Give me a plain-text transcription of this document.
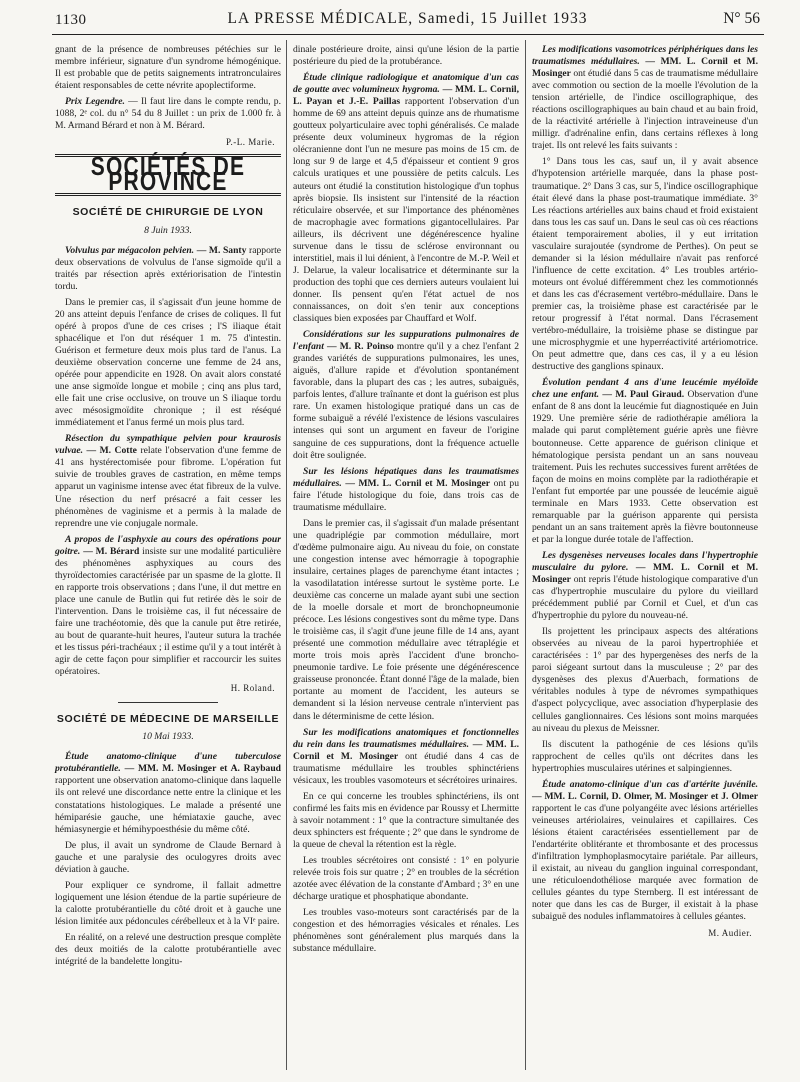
1130	LA PRESSE MÉDICALE, Samedi, 15 Juillet 1933	N° 56

gnant de la présence de nombreuses pétéchies sur le membre inférieur, signature d'un syndrome hémogénique. Il est probable que de petits saignements intratronculaires étaient responsables de cette névrite apoplectiforme.

Prix Legendre. — Il faut lire dans le compte rendu, p. 1088, 2ᵉ col. du n° 54 du 8 Juillet : un prix de 1.000 fr. à M. Armand Bérard et non à M. Bérard.

P.-L. Marie.

SOCIÉTÉS DE PROVINCE
SOCIÉTÉ DE CHIRURGIE DE LYON

8 Juin 1933.

Volvulus par mégacolon pelvien. — M. Santy rapporte deux observations de volvulus de l'anse sigmoïde qu'il a traités par résection après extériorisation de l'intestin tordu.

Dans le premier cas, il s'agissait d'un jeune homme de 20 ans atteint depuis l'enfance de crises de coliques. Il fut opéré à propos d'une de ces crises ; l'S iliaque était sphacélique et l'on dut réséquer 1 m. 75 d'intestin. Guérison et fermeture deux mois plus tard de l'anus. La deuxième observation concerne une femme de 24 ans, opérée pour appendicite en 1928. On avait alors constaté une anse sigmoïde longue et mobile ; cinq ans plus tard, elle fait une crise occlusive, on trouve un S iliaque tordu avec mésosigmoïdite chronique ; il est réséqué immédiatement et l'anus fermé un mois plus tard.

Résection du sympathique pelvien pour kraurosis vulvae. — M. Cotte relate l'observation d'une femme de 41 ans hystérectomisée pour fibrome. L'opération fut suivie de troubles graves de castration, en même temps apparut un vaginisme intense avec état fibreux de la vulve. Une résection du nerf présacré a fait cesser les phénomènes de vaginisme et a permis à la malade de reprendre une vie conjugale normale.

A propos de l'asphyxie au cours des opérations pour goitre. — M. Bérard insiste sur une modalité particulière des phénomènes asphyxiques au cours des thyroïdectomies caractérisée par un spasme de la glotte. Il en rapporte trois observations ; dans l'une, il dut mettre en place une canule de Butlin qui fut retirée dès le soir de l'intervention. Dans le troisième cas, il fut nécessaire de faire une trachéotomie, dès que la canule put être retirée, au bout de quarante-huit heures, l'auteur sutura la trachée et les tissus péri-trachéaux ; il estime qu'il y a tout intérêt à agir de cette façon pour simplifier et raccourcir les suites opératoires.

H. Roland.

SOCIÉTÉ DE MÉDECINE DE MARSEILLE

10 Mai 1933.

Étude anatomo-clinique d'une tuberculose protubérantielle. — MM. M. Mosinger et A. Raybaud rapportent une observation anatomo-clinique dans laquelle ils ont relevé une discordance nette entre la clinique et les constatations histologiques. Le malade a présenté une hémiparésie gauche, une hémiataxie gauche, avec hémiasynergie et hémihypoesthésie du même côté.

De plus, il avait un syndrome de Claude Bernard à gauche et une paralysie des oculogyres droits avec déviation à gauche.

Pour expliquer ce syndrome, il fallait admettre logiquement une lésion étendue de la partie supérieure de la calotte protubérantielle du côté droit et à gauche une lésion limitée aux pédoncules cérébelleux et à la VIᵉ paire.

En réalité, on a relevé une destruction presque complète des deux moitiés de la calotte protubérantielle avec intégrité de la bandelette longitu-

dinale postérieure droite, ainsi qu'une lésion de la partie postérieure du pied de la protubérance.

Étude clinique radiologique et anatomique d'un cas de goutte avec volumineux hygroma. — MM. L. Cornil, L. Payan et J.-E. Paillas rapportent l'observation d'un homme de 69 ans atteint depuis quinze ans de rhumatisme goutteux polyarticulaire avec tophi généralisés. Ce malade présente deux volumineux hygromas de la région olécranienne dont l'un ne mesure pas moins de 15 cm. de long sur 9 de large et 4,5 d'épaisseur et contient 9 gros calculs uratiques et une poussière de petits calculs. Les auteurs ont étudié la constitution histologique d'un tophus après biopsie. Ils insistent sur l'intensité de la réaction réticulaire observée, et sur l'importance des phénomènes de macrophagie avec formations gigantocellulaires. Par ailleurs, ils décrivent une dégénérescence hyaline survenue dans le tissu de sclérose environnant ou interstitiel, mais il lui dénient, à l'encontre de M.-P. Weil et J. Delarue, la valeur localisatrice et déterminante sur la production des tophi que ces derniers auteurs voulaient lui donner. Ils pensent qu'en l'état actuel de nos connaissances, on doit s'en tenir aux conceptions classiques bien exposées par Chauffard et Wolf.

Considérations sur les suppurations pulmonaires de l'enfant — M. R. Poinso montre qu'il y a chez l'enfant 2 grandes variétés de suppurations pulmonaires, les unes, aiguës, d'allure rapide et d'évolution spontanément favorable, dans la plupart des cas ; les autres, subaiguës, parfois lentes, d'allure traînante et dont la guérison est plus rare. Un examen histologique pratiqué dans un cas de forme subaiguë a révélé l'existence de lésions vasculaires intenses qui sont un argument en faveur de l'origine sanguine de ces suppurations, dont la fréquence actuelle doit être soulignée.

Sur les lésions hépatiques dans les traumatismes médullaires. — MM. L. Cornil et M. Mosinger ont pu faire l'étude histologique du foie, dans trois cas de traumatisme médullaire.

Dans le premier cas, il s'agissait d'un malade présentant une quadriplégie par commotion médullaire, mort d'œdème pulmonaire aigu. Au niveau du foie, on constate une congestion intense avec hémorragie à topographie insulaire, certaines plages de parenchyme étant intactes ; la vasodilatation intéresse surtout le système porte. Le deuxième cas concerne un malade ayant subi une section de la moelle dorsale et mort de bronchopneumonie précoce. Les lésions congestives sont du même type. Dans le troisième cas, il s'agit d'une jeune fille de 14 ans, ayant présenté une commotion médullaire avec tétraplégie et morte trois mois après l'accident d'une broncho-pneumonie tardive. Le foie présente une dégénérescence graisseuse prononcée. Étant donné l'âge de la malade, bien portante au moment de l'accident, les auteurs se demandent si la lésion nerveuse centrale n'intervient pas dans le déterminisme de cette lésion.

Sur les modifications anatomiques et fonctionnelles du rein dans les traumatismes médullaires. — MM. L. Cornil et M. Mosinger ont étudié dans 4 cas de traumatisme médullaire les troubles sphinctériens vésicaux, les troubles vasomoteurs et sécrétoires urinaires.

En ce qui concerne les troubles sphinctériens, ils ont confirmé les faits mis en évidence par Roussy et Lhermitte à savoir notamment : 1° que la contracture simultanée des deux sphincters est fréquente ; 2° que dans le syndrome de la queue de cheval la rétention est la règle.

Les troubles sécrétoires ont consisté : 1° en polyurie relevée trois fois sur quatre ; 2° en troubles de la sécrétion azotée avec élévation de la constante d'Ambard ; 3° en une décharge uratique et phosphatique abondante.

Les troubles vaso-moteurs sont caractérisés par de la congestion et des hémorragies vésicales et rénales. Les phénomènes sont généralement plus marqués dans la substance médullaire.

Les modifications vasomotrices périphériques dans les traumatismes médullaires. — MM. L. Cornil et M. Mosinger ont étudié dans 5 cas de traumatisme médullaire avec commotion ou section de la moelle l'évolution de la tension artérielle, de l'indice oscillographique, des réactions oscillographiques au bain chaud et au bain froid, de la réactivité artérielle à l'injection intraveineuse d'un milligr. d'adrénaline enfin, dans certains réflexes à long trajet. Ils ont relevé les faits suivants :

1° Dans tous les cas, sauf un, il y avait absence d'hypotension artérielle marquée, dans la phase post-traumatique. 2° Dans 3 cas, sur 5, l'indice oscillographique était élevé dans la phase post-traumatique immédiate. 3° Les réactions artérielles aux bains chaud et froid existaient dans tous les cas sauf un. Dans le seul cas où ces réactions étaient temporairement abolies, il y eut irritation vasculaire surajoutée (syndrome de Perthes). On peut se demander si la lésion médullaire n'avait pas renforcé l'influence de cette excitation. 4° Les troubles artério-moteurs ont évolué différemment chez les commotionnés et dans les cas d'écrasement vertébro-médullaire. Dans le premier cas, la troisième phase est caractérisée par le retour progressif à l'état normal. Dans l'écrasement vertébro-médullaire, la troisième phase se distingue par une microsphygmie et une hyperréactivité artériomotrice. On peut admettre que, dans ces cas, il y a eu lésion destructive des ganglions spinaux.

Évolution pendant 4 ans d'une leucémie myéloïde chez une enfant. — M. Paul Giraud. Observation d'une enfant de 8 ans dont la leucémie fut diagnostiquée en Juin 1929. Une première série de radiothérapie améliora la malade qui parut complètement guérie après une fièvre boutonneuse. Cette apparence de guérison clinique et hématologique persista pendant un an sans nouveau traitement. Puis les rechutes successives furent arrêtées de façon de moins en moins complète par la radiothérapie et l'enfant fut emportée par une poussée de leucémie aiguë terminale en Mars 1933. Cette observation est remarquable par la guérison apparente qui persista pendant un an sans traitement après la fièvre boutonneuse et par la longue durée totale de l'affection.

Les dysgenèses nerveuses locales dans l'hypertrophie musculaire du pylore. — MM. L. Cornil et M. Mosinger ont repris l'étude histologique comparative d'un cas d'hypertrophie musculaire du pylore du vieillard précédemment publié par Cornil et Cuel, et d'un cas d'hypertrophie du pylore du nouveau-né.

Ils projettent les principaux aspects des altérations observées au niveau de la paroi hypertrophiée et caractérisées : 1° par des hypergenèses des nerfs de la paroi siégeant surtout dans la musculeuse ; 2° par des dysgenèses des plexus d'Auerbach, formations de véritables nodules à type de névromes sympathiques d'aspect polycyclique, avec association d'hyperplasie des cellules ganglionnaires. Ces lésions sont moins marquées au niveau du plexus de Meissner.

Ils discutent la pathogénie de ces lésions qu'ils rapprochent de celles qu'ils ont décrites dans les hypertrophies musculaires utérines et salpingiennes.

Étude anatomo-clinique d'un cas d'artérite juvénile. — MM. L. Cornil, D. Olmer, M. Mosinger et J. Olmer rapportent le cas d'une polyangéite avec lésions artérielles veineuses artériolaires, veinulaires et capillaires. Ces lésions étaient caractérisées essentiellement par de l'endartérite oblitérante et thrombosante et des processus d'infiltration lymphoplasmocytaire pariétale. Par ailleurs, il existait, au niveau du ganglion inguinal correspondant, une réticuloendothéliose marquée avec formation de cellules géantes du type Sternberg. Il est intéressant de noter que dans les cas de Burger, il existait à la phase subaiguë des nodules inflammatoires à cellules géantes.

M. Audier.
